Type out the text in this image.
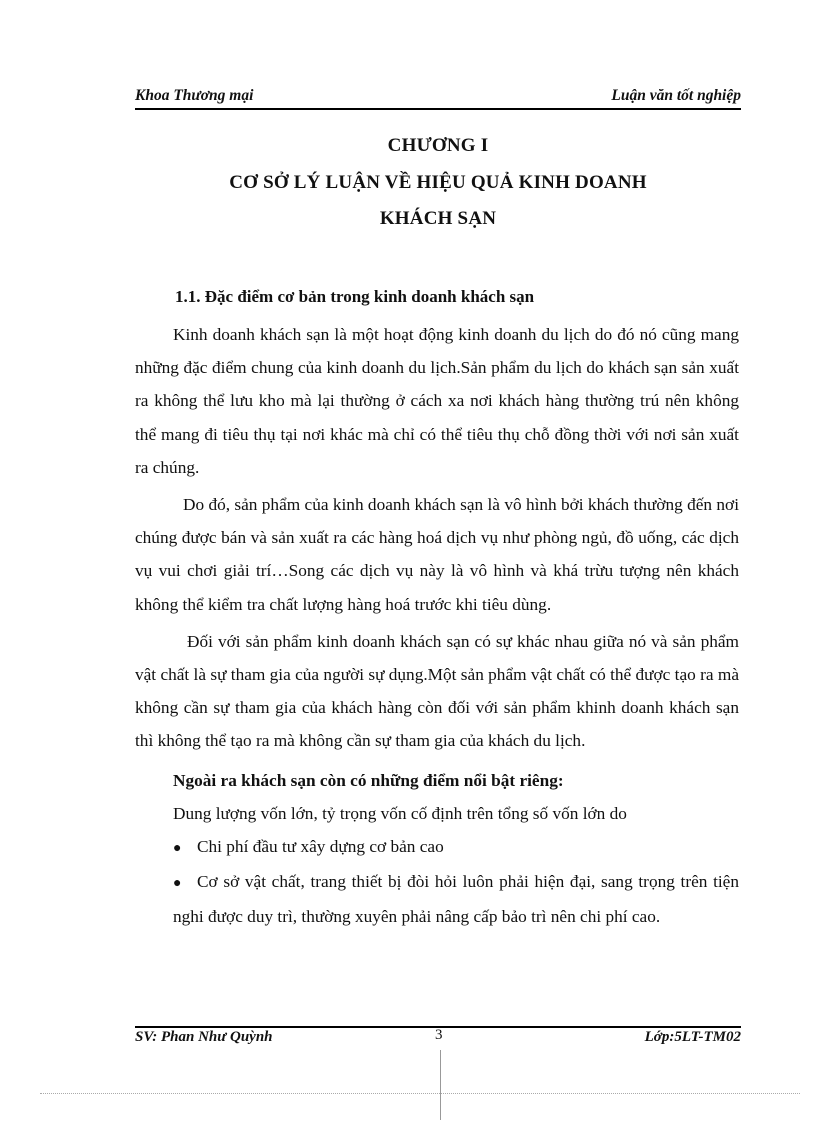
Khoa Thương mại	Luận văn tốt nghiệp
CHƯƠNG I
CƠ SỞ LÝ LUẬN VỀ HIỆU QUẢ KINH DOANH
KHÁCH SẠN
1.1. Đặc điểm cơ bản trong kinh doanh khách sạn

Kinh doanh khách sạn là một hoạt động kinh doanh du lịch do đó nó cũng mang những đặc điểm chung của kinh doanh du lịch.Sản phẩm du lịch do khách sạn sản xuất ra không thể lưu kho mà lại thường ở cách xa nơi khách hàng thường trú nên không thể mang đi tiêu thụ tại nơi khác mà chỉ có thể tiêu thụ chỗ đồng thời với nơi sản xuất ra chúng.

Do đó, sản phẩm của kinh doanh khách sạn là vô hình bởi khách thường đến nơi chúng được bán và sản xuất ra các hàng hoá dịch vụ như phòng ngủ, đồ uống, các dịch vụ vui chơi giải trí…Song các dịch vụ này là vô hình và khá trừu tượng nên khách không thể kiểm tra chất lượng hàng hoá trước khi tiêu dùng.

Đối với sản phẩm kinh doanh khách sạn có sự khác nhau giữa nó và sản phẩm vật chất là sự tham gia của người sự dụng.Một sản phẩm vật chất có thể được tạo ra mà không cần sự tham gia của khách hàng còn đối với sản phẩm khinh doanh khách sạn thì không thể tạo ra mà không cần sự tham gia của khách du lịch.

Ngoài ra khách sạn còn có những điểm nổi bật riêng:

Dung lượng vốn lớn, tỷ trọng vốn cố định trên tổng số vốn lớn do

● Chi phí đầu tư xây dựng cơ bản cao

● Cơ sở vật chất, trang thiết bị đòi hỏi luôn phải hiện đại, sang trọng trên tiện nghi được duy trì, thường xuyên phải nâng cấp bảo trì nên chi phí cao.

SV: Phan Như Quỳnh	3	Lớp:5LT-TM02
